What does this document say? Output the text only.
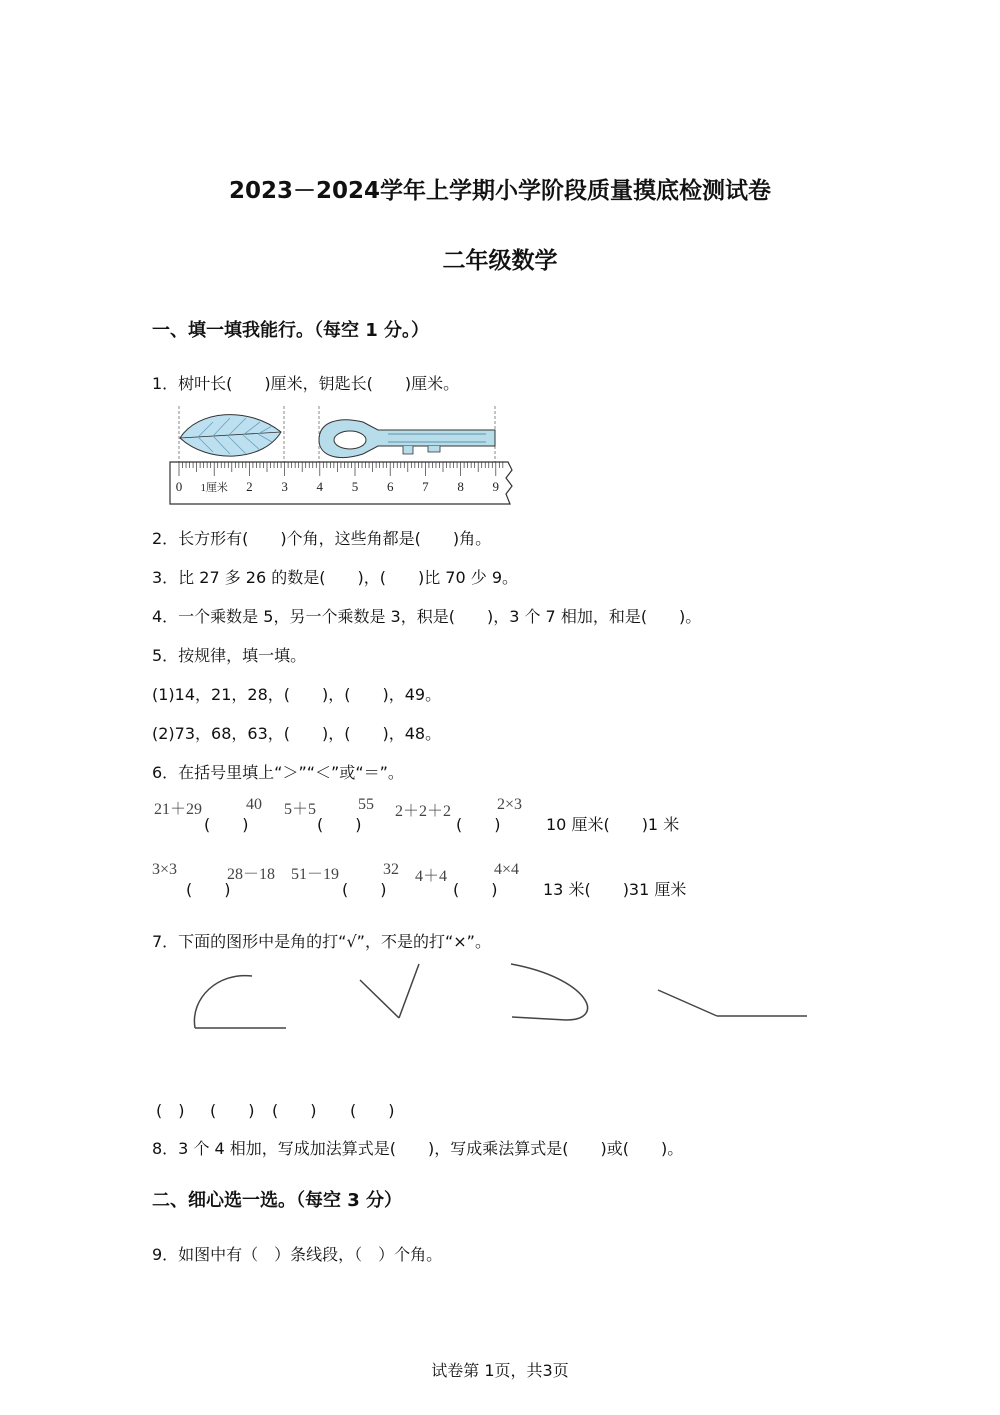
2023－2024学年上学期小学阶段质量摸底检测试卷
二年级数学
一、填一填我能行。（每空 1 分。）
1．树叶长(　　)厘米，钥匙长(　　)厘米。
0 1厘米 2 3 4 5 6 7 8 9
2．长方形有(　　)个角，这些角都是(　　)角。
3．比 27 多 26 的数是(　　)，(　　)比 70 少 9。
4．一个乘数是 5，另一个乘数是 3，积是(　　)，3 个 7 相加，和是(　　)。
5．按规律，填一填。
(1)14，21，28，(　　)，(　　)，49。
(2)73，68，63，(　　)，(　　)，48。
6．在括号里填上“＞”“＜”或“＝”。
21＋29	40
(　　)
5＋5	55
(　　)
2＋2＋2	2×3
(　　)	10 厘米(　　)1 米
3×3	28－18
(　　)
51－19	32
(　　)
4＋4	4×4
(　　)	13 米(　　)31 厘米
7．下面的图形中是角的打“√”，不是的打“×”。
(　) (　　) (　　) (　　)
8．3 个 4 相加，写成加法算式是(　　)，写成乘法算式是(　　)或(　　)。
二、细心选一选。（每空 3 分）
9．如图中有（　）条线段，（　）个角。
试卷第 1页，共3页
